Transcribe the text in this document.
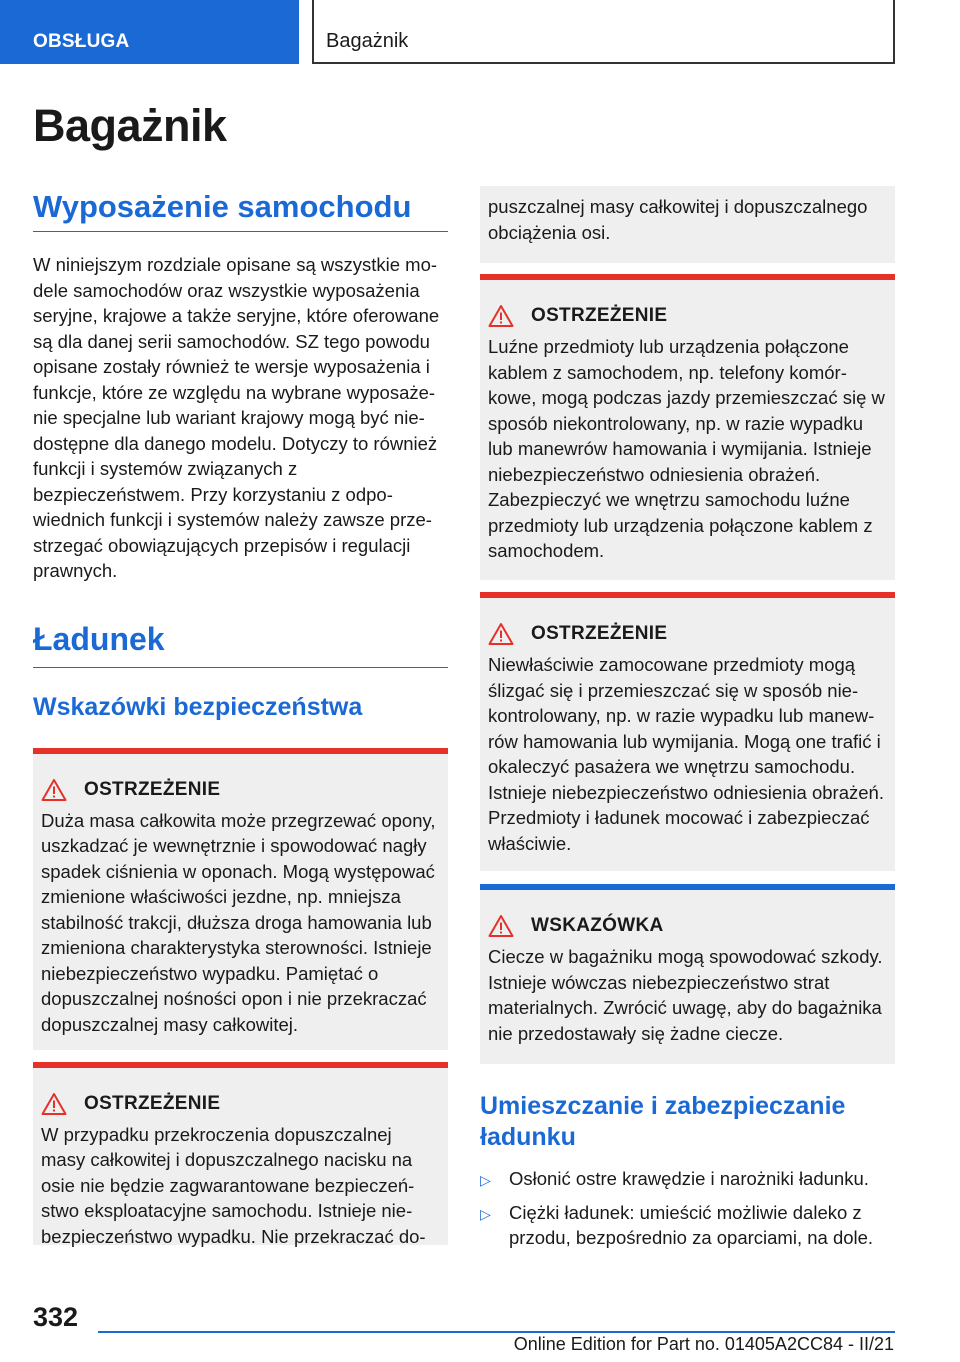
OBSŁUGA	Bagażnik
Bagażnik
Wyposażenie samochodu

W niniejszym rozdziale opisane są wszystkie modele samochodów oraz wszystkie wyposażenia seryjne, krajowe a także seryjne, które oferowane są dla danej serii samochodów. SZ tego powodu opisane zostały również te wersje wyposażenia i funkcje, które ze względu na wybrane wyposażenie specjalne lub wariant krajowy mogą być niedostępne dla danego modelu. Dotyczy to również funkcji i systemów związanych z bezpieczeństwem. Przy korzystaniu z odpowiednich funkcji i systemów należy zawsze przestrzegać obowiązujących przepisów i regulacji prawnych.

Ładunek
Wskazówki bezpieczeństwa
OSTRZEŻENIE

Duża masa całkowita może przegrzewać opony, uszkadzać je wewnętrznie i spowodować nagły spadek ciśnienia w oponach. Mogą występować zmienione właściwości jezdne, np. mniejsza stabilność trakcji, dłuższa droga hamowania lub zmieniona charakterystyka sterowności. Istnieje niebezpieczeństwo wypadku. Pamiętać o dopuszczalnej nośności opon i nie przekraczać dopuszczalnej masy całkowitej.

OSTRZEŻENIE

W przypadku przekroczenia dopuszczalnej masy całkowitej i dopuszczalnego nacisku na osie nie będzie zagwarantowane bezpieczeństwo eksploatacyjne samochodu. Istnieje niebezpieczeństwo wypadku. Nie przekraczać do-

puszczalnej masy całkowitej i dopuszczalnego obciążenia osi.

OSTRZEŻENIE

Luźne przedmioty lub urządzenia połączone kablem z samochodem, np. telefony komórkowe, mogą podczas jazdy przemieszczać się w sposób niekontrolowany, np. w razie wypadku lub manewrów hamowania i wymijania. Istnieje niebezpieczeństwo odniesienia obrażeń. Zabezpieczyć we wnętrzu samochodu luźne przedmioty lub urządzenia połączone kablem z samochodem.

OSTRZEŻENIE

Niewłaściwie zamocowane przedmioty mogą ślizgać się i przemieszczać się w sposób niekontrolowany, np. w razie wypadku lub manewrów hamowania lub wymijania. Mogą one trafić i okaleczyć pasażera we wnętrzu samochodu. Istnieje niebezpieczeństwo odniesienia obrażeń. Przedmioty i ładunek mocować i zabezpieczać właściwie.

WSKAZÓWKA

Ciecze w bagażniku mogą spowodować szkody. Istnieje wówczas niebezpieczeństwo strat materialnych. Zwrócić uwagę, aby do bagażnika nie przedostawały się żadne ciecze.

Umieszczanie i zabezpieczanie ładunku
▷ Osłonić ostre krawędzie i narożniki ładunku.
▷ Ciężki ładunek: umieścić możliwie daleko z przodu, bezpośrednio za oparciami, na dole.
332
Online Edition for Part no. 01405A2CC84 - II/21
